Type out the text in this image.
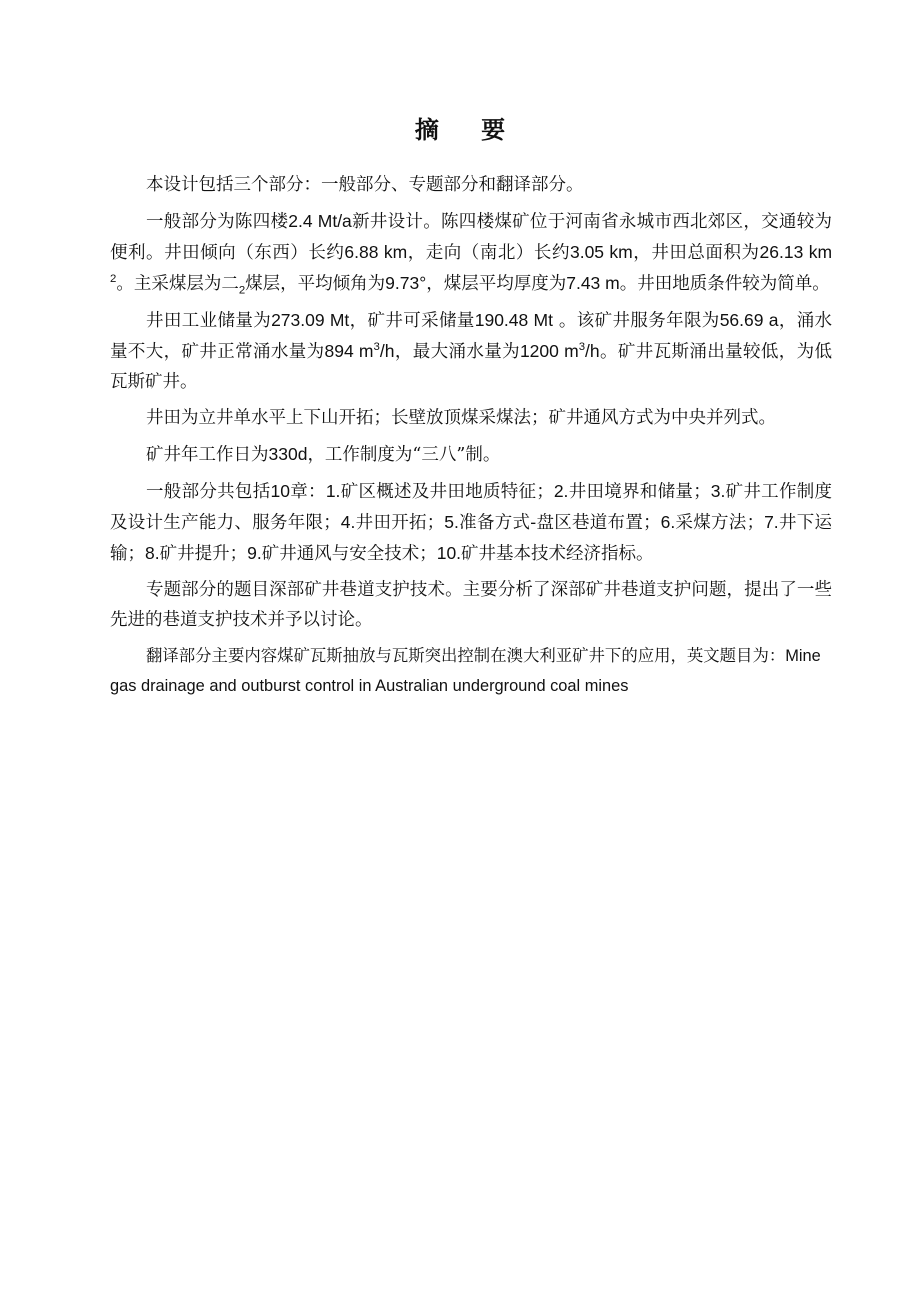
摘 要

本设计包括三个部分：一般部分、专题部分和翻译部分。

一般部分为陈四楼2.4 Mt/a新井设计。陈四楼煤矿位于河南省永城市西北郊区，交通较为便利。井田倾向（东西）长约6.88 km，走向（南北）长约3.05 km，井田总面积为26.13 $km^2$。主采煤层为二$_2$煤层，平均倾角为9.73°，煤层平均厚度为7.43 m。井田地质条件较为简单。

井田工业储量为273.09 Mt，矿井可采储量190.48 Mt 。该矿井服务年限为56.69 a，涌水量不大，矿井正常涌水量为894 $m^3/h$，最大涌水量为1200 $m^3/h$。矿井瓦斯涌出量较低，为低瓦斯矿井。

井田为立井单水平上下山开拓；长壁放顶煤采煤法；矿井通风方式为中央并列式。

矿井年工作日为330d，工作制度为“三八”制。

一般部分共包括10章：1.矿区概述及井田地质特征；2.井田境界和储量；3.矿井工作制度及设计生产能力、服务年限；4.井田开拓；5.准备方式-盘区巷道布置；6.采煤方法；7.井下运输；8.矿井提升；9.矿井通风与安全技术；10.矿井基本技术经济指标。

专题部分的题目深部矿井巷道支护技术。主要分析了深部矿井巷道支护问题，提出了一些先进的巷道支护技术并予以讨论。

翻译部分主要内容煤矿瓦斯抽放与瓦斯突出控制在澳大利亚矿井下的应用，英文题目为：Mine gas drainage and outburst control in Australian underground coal mines
